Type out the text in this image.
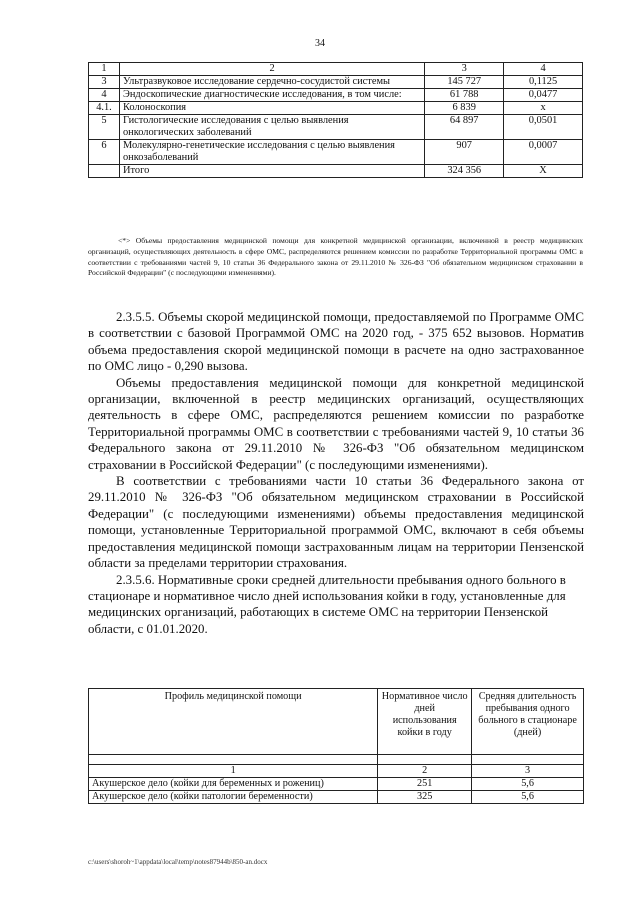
34
1	2	3	4
3	Ультразвуковое исследование сердечно-сосудистой системы	145 727	0,1125
4	Эндоскопические диагностические исследования, в том числе:	61 788	0,0477
4.1.	Колоноскопия	6 839	х
5	Гистологические исследования с целью выявления онкологических заболеваний	64 897	0,0501
6	Молекулярно-генетические исследования с целью выявления онкозаболеваний	907	0,0007
	Итого	324 356	Х

<*> Объемы предоставления медицинской помощи для конкретной медицинской организации, включенной в реестр медицинских организаций, осуществляющих деятельность в сфере ОМС, распределяются решением комиссии по разработке Территориальной программы ОМС в соответствии с требованиями частей 9, 10 статьи 36 Федерального закона от 29.11.2010 № 326-ФЗ "Об обязательном медицинском страховании в Российской Федерации" (с последующими изменениями).

2.3.5.5. Объемы скорой медицинской помощи, предоставляемой по Программе ОМС в соответствии с базовой Программой ОМС на 2020 год, - 375 652 вызовов. Норматив объема предоставления скорой медицинской помощи в расчете на одно застрахованное по ОМС лицо - 0,290 вызова.

Объемы предоставления медицинской помощи для конкретной медицинской организации, включенной в реестр медицинских организаций, осуществляющих деятельность в сфере ОМС, распределяются решением комиссии по разработке Территориальной программы ОМС в соответствии с требованиями частей 9, 10 статьи 36 Федерального закона от 29.11.2010 № 326-ФЗ "Об обязательном медицинском страховании в Российской Федерации" (с последующими изменениями).

В соответствии с требованиями части 10 статьи 36 Федерального закона от 29.11.2010 № 326-ФЗ "Об обязательном медицинском страховании в Российской Федерации" (с последующими изменениями) объемы предоставления медицинской помощи, установленные Территориальной программой ОМС, включают в себя объемы предоставления медицинской помощи застрахованным лицам на территории Пензенской области за пределами территории страхования.

2.3.5.6. Нормативные сроки средней длительности пребывания одного больного в стационаре и нормативное число дней использования койки в году, установленные для медицинских организаций, работающих в системе ОМС на территории Пензенской области, с 01.01.2020.

Профиль медицинской помощи	Нормативное число дней использования койки в году	Средняя длительность пребывания одного больного в стационаре (дней)

1	2	3
Акушерское дело (койки для беременных и рожениц)	251	5,6
Акушерское дело (койки патологии беременности)	325	5,6
c:\users\shoroh~1\appdata\local\temp\notes87944b\850-an.docx
